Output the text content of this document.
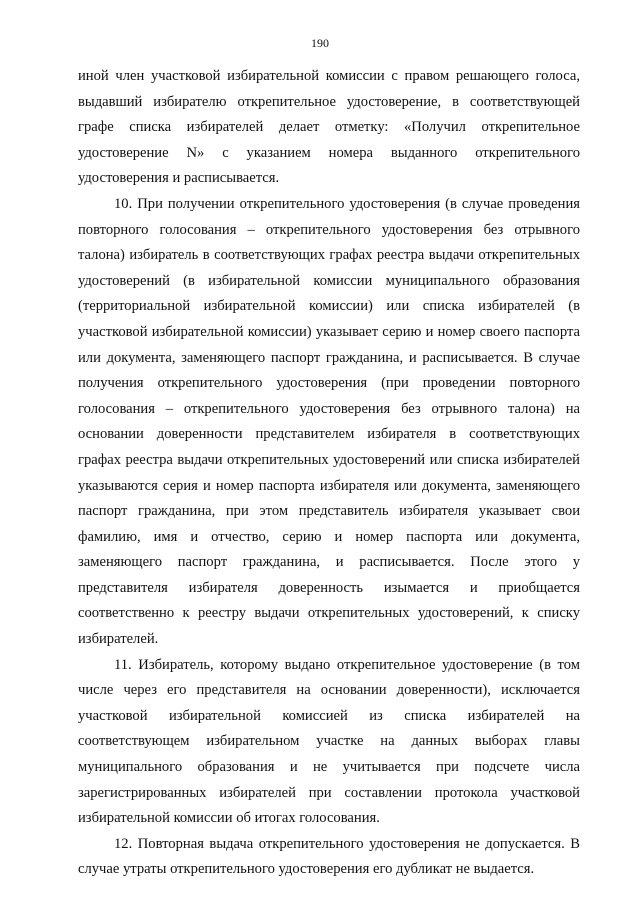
190

иной член участковой избирательной комиссии с правом решающего голоса, выдавший избирателю открепительное удостоверение, в соответствующей графе списка избирателей делает отметку: «Получил открепительное удостоверение N» с указанием номера выданного открепительного удостоверения и расписывается.

10. При получении открепительного удостоверения (в случае проведения повторного голосования – открепительного удостоверения без отрывного талона) избиратель в соответствующих графах реестра выдачи открепительных удостоверений (в избирательной комиссии муниципального образования (территориальной избирательной комиссии) или списка избирателей (в участковой избирательной комиссии) указывает серию и номер своего паспорта или документа, заменяющего паспорт гражданина, и расписывается. В случае получения открепительного удостоверения (при проведении повторного голосования – открепительного удостоверения без отрывного талона) на основании доверенности представителем избирателя в соответствующих графах реестра выдачи открепительных удостоверений или списка избирателей указываются серия и номер паспорта избирателя или документа, заменяющего паспорт гражданина, при этом представитель избирателя указывает свои фамилию, имя и отчество, серию и номер паспорта или документа, заменяющего паспорт гражданина, и расписывается. После этого у представителя избирателя доверенность изымается и приобщается соответственно к реестру выдачи открепительных удостоверений, к списку избирателей.

11. Избиратель, которому выдано открепительное удостоверение (в том числе через его представителя на основании доверенности), исключается участковой избирательной комиссией из списка избирателей на соответствующем избирательном участке на данных выборах главы муниципального образования и не учитывается при подсчете числа зарегистрированных избирателей при составлении протокола участковой избирательной комиссии об итогах голосования.

12. Повторная выдача открепительного удостоверения не допускается. В случае утраты открепительного удостоверения его дубликат не выдается.
